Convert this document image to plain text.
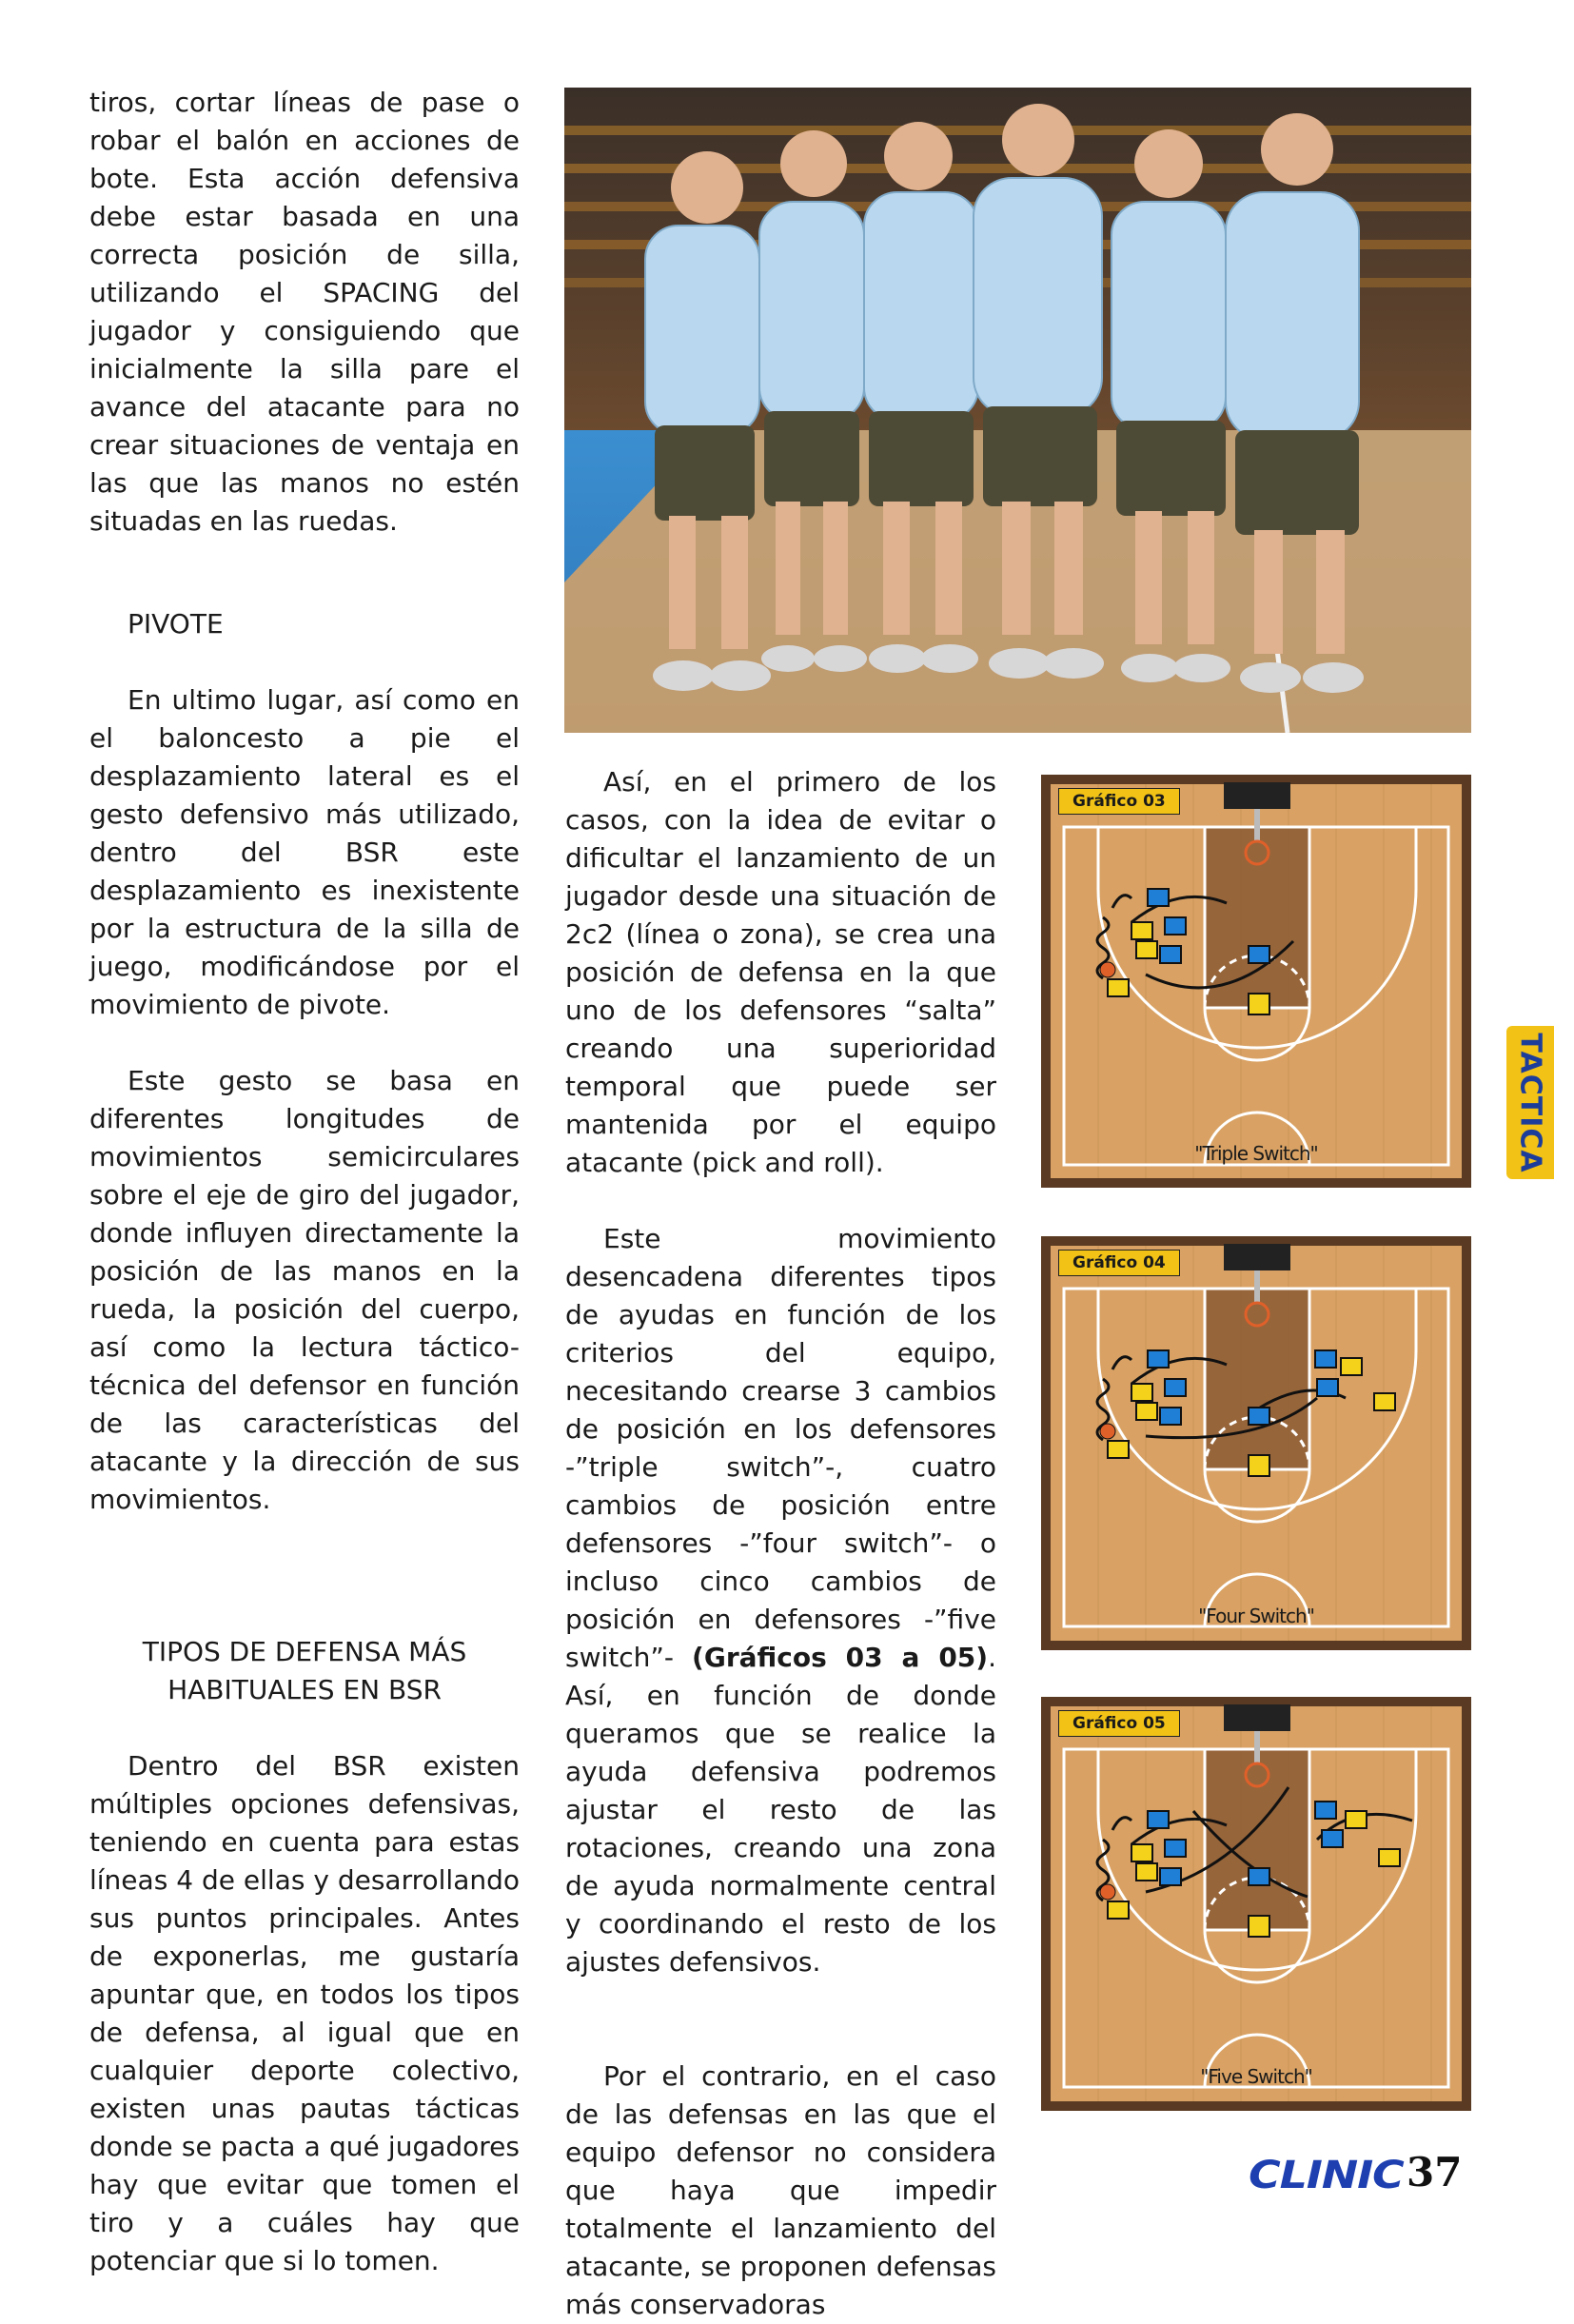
tiros, cortar líneas de pase o robar el balón en acciones de bote. Esta acción defensiva debe estar basada en una correcta posición de silla, utilizando el SPACING del jugador y consiguiendo que inicialmente la silla pare el avance del atacante para no crear situaciones de ventaja en las que las manos no estén situadas en las ruedas.

PIVOTE

En ultimo lugar, así como en el baloncesto a pie el desplazamiento lateral es el gesto defensivo más utilizado, dentro del BSR este desplazamiento es inexistente por la estructura de la silla de juego, modificándose por el movimiento de pivote.

Este gesto se basa en diferentes longitudes de movimientos semicirculares sobre el eje de giro del jugador, donde influyen directamente la posición de las manos en la rueda, la posición del cuerpo, así como la lectura táctico-técnica del defensor en función de las características del atacante y la dirección de sus movimientos.

TIPOS DE DEFENSA MÁS HABITUALES EN BSR

Dentro del BSR existen múltiples opciones defensivas, teniendo en cuenta para estas líneas 4 de ellas y desarrollando sus puntos principales. Antes de exponerlas, me gustaría apuntar que, en todos los tipos de defensa, al igual que en cualquier deporte colectivo, existen unas pautas tácticas donde se pacta a qué jugadores hay que evitar que tomen el tiro y a cuáles hay que potenciar que si lo tomen.

Así, en el primero de los casos, con la idea de evitar o dificultar el lanzamiento de un jugador desde una situación de 2c2 (línea o zona), se crea una posición de defensa en la que uno de los defensores “salta” creando una superioridad temporal que puede ser mantenida por el equipo atacante (pick and roll).

Este movimiento desencadena diferentes tipos de ayudas en función de los criterios del equipo, necesitando crearse 3 cambios de posición en los defensores -”triple switch”-, cuatro cambios de posición entre defensores -”four switch”- o incluso cinco cambios de posición en defensores -”five switch”- (Gráficos 03 a 05). Así, en función de donde queramos que se realice la ayuda defensiva podremos ajustar el resto de las rotaciones, creando una zona de ayuda normalmente central y coordinando el resto de los ajustes defensivos.

Por el contrario, en el caso de las defensas en las que el equipo defensor no considera que haya que impedir totalmente el lanzamiento del atacante, se proponen defensas más conservadoras

Gráfico 03
"Triple Switch"
Gráfico 04
"Four Switch"
Gráfico 05
"Five Switch"
TACTICA
CLINIC 37
